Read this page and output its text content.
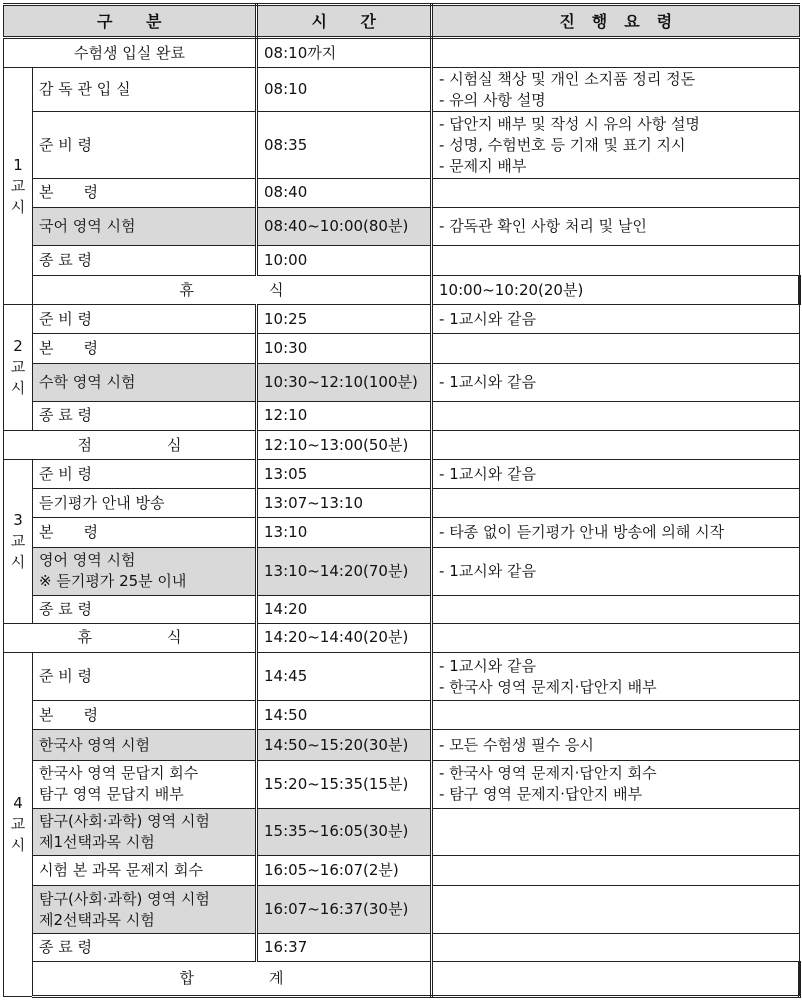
구　　분		시　　간	진　행　요　령	
수험생 입실 완료		08:10까지		

1
교
시	감 독 관 입 실	08:10	- 시험실 책상 및 개인 소지품 정리 정돈
- 유의 사항 설명	

	준 비 령	08:35	- 답안지 배부 및 작성 시 유의 사항 설명
- 성명, 수험번호 등 기재 및 표기 지시
- 문제지 배부	

	본　　령	08:40		
	국어 영역 시험	08:40~10:00(80분)	- 감독관 확인 사항 처리 및 날인	
	종 료 령	10:00		
	휴　　　　　식		10:00~10:20(20분)	

2
교
시	준 비 령	10:25	- 1교시와 같음	
	본　　령	10:30		
	수학 영역 시험	10:30~12:10(100분)	- 1교시와 같음	
	종 료 령	12:10		
점　　　　　심		12:10~13:00(50분)		

3
교
시	준 비 령	13:05	- 1교시와 같음	
	듣기평가 안내 방송	13:07~13:10		
	본　　령	13:10	- 타종 없이 듣기평가 안내 방송에 의해 시작	

	영어 영역 시험
※ 듣기평가 25분 이내	13:10~14:20(70분)	- 1교시와 같음	
	종 료 령	14:20		
휴　　　　　식		14:20~14:40(20분)		

4
교
시	준 비 령	14:45	- 1교시와 같음
- 한국사 영역 문제지·답안지 배부	

	본　　령	14:50		
	한국사 영역 시험	14:50~15:20(30분)	- 모든 수험생 필수 응시	

	한국사 영역 문답지 회수
탐구 영역 문답지 배부	15:20~15:35(15분)	- 한국사 영역 문제지·답안지 회수
- 탐구 영역 문제지·답안지 배부	

	탐구(사회·과학) 영역 시험
제1선택과목 시험	15:35~16:05(30분)		
	시험 본 과목 문제지 회수	16:05~16:07(2분)		

	탐구(사회·과학) 영역 시험
제2선택과목 시험	16:07~16:37(30분)		
	종 료 령	16:37		
	합　　　　　계			
